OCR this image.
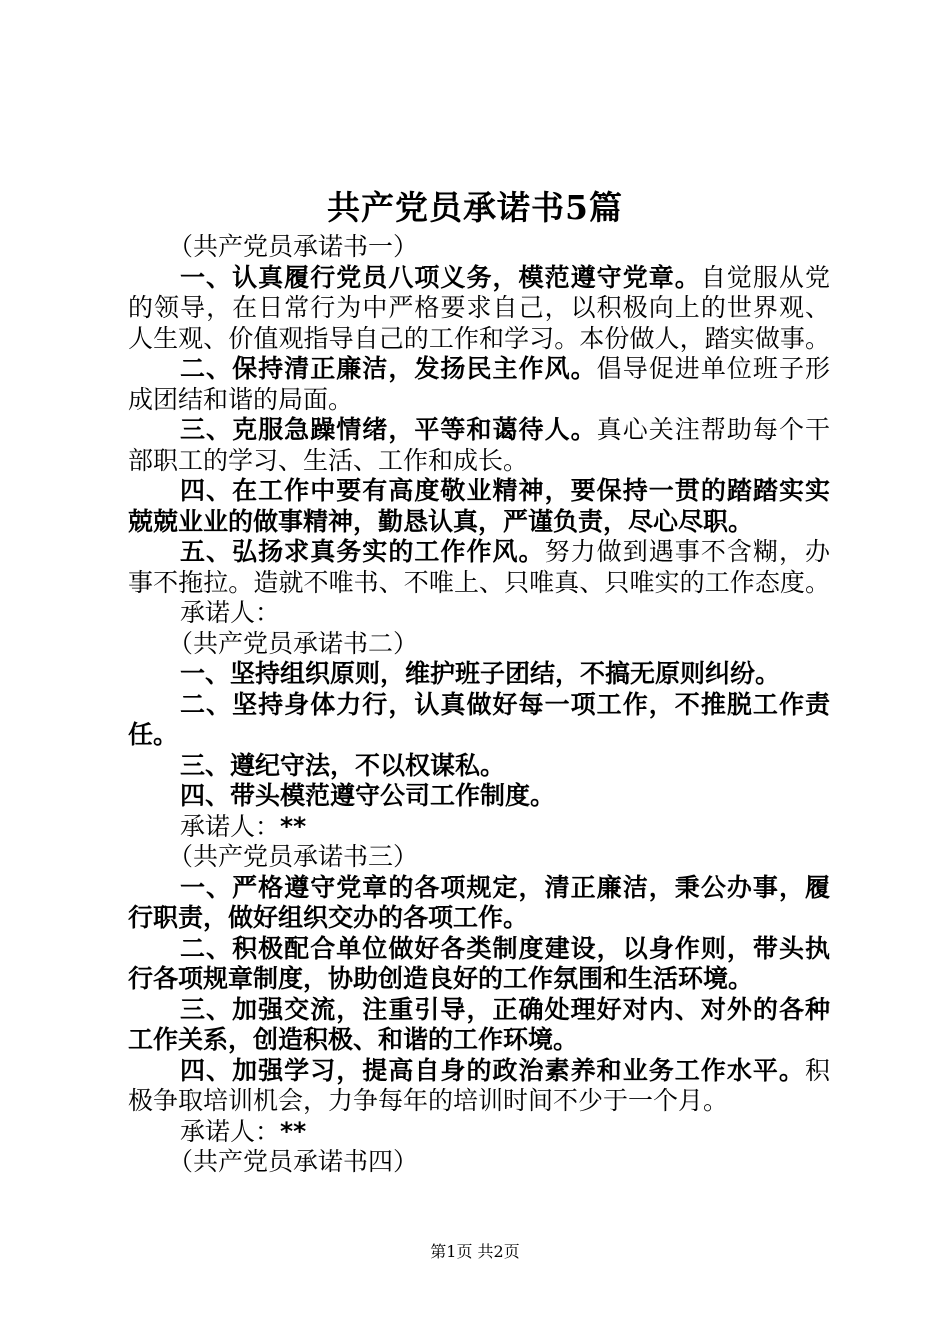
共产党员承诺书5篇
（共产党员承诺书一）
一、认真履行党员八项义务，模范遵守党章。自觉服从党
的领导，在日常行为中严格要求自己，以积极向上的世界观、
人生观、价值观指导自己的工作和学习。本份做人，踏实做事。
二、保持清正廉洁，发扬民主作风。倡导促进单位班子形
成团结和谐的局面。
三、克服急躁情绪，平等和蔼待人。真心关注帮助每个干
部职工的学习、生活、工作和成长。
四、在工作中要有高度敬业精神，要保持一贯的踏踏实实
兢兢业业的做事精神，勤恳认真，严谨负责，尽心尽职。
五、弘扬求真务实的工作作风。努力做到遇事不含糊，办
事不拖拉。造就不唯书、不唯上、只唯真、只唯实的工作态度。
承诺人：
（共产党员承诺书二）
一、坚持组织原则，维护班子团结，不搞无原则纠纷。
二、坚持身体力行，认真做好每一项工作，不推脱工作责
任。
三、遵纪守法，不以权谋私。
四、带头模范遵守公司工作制度。
承诺人：**
（共产党员承诺书三）
一、严格遵守党章的各项规定，清正廉洁，秉公办事，履
行职责，做好组织交办的各项工作。
二、积极配合单位做好各类制度建设，以身作则，带头执
行各项规章制度，协助创造良好的工作氛围和生活环境。
三、加强交流，注重引导，正确处理好对内、对外的各种
工作关系，创造积极、和谐的工作环境。
四、加强学习，提高自身的政治素养和业务工作水平。积
极争取培训机会，力争每年的培训时间不少于一个月。
承诺人：**
（共产党员承诺书四）
第1页 共2页
